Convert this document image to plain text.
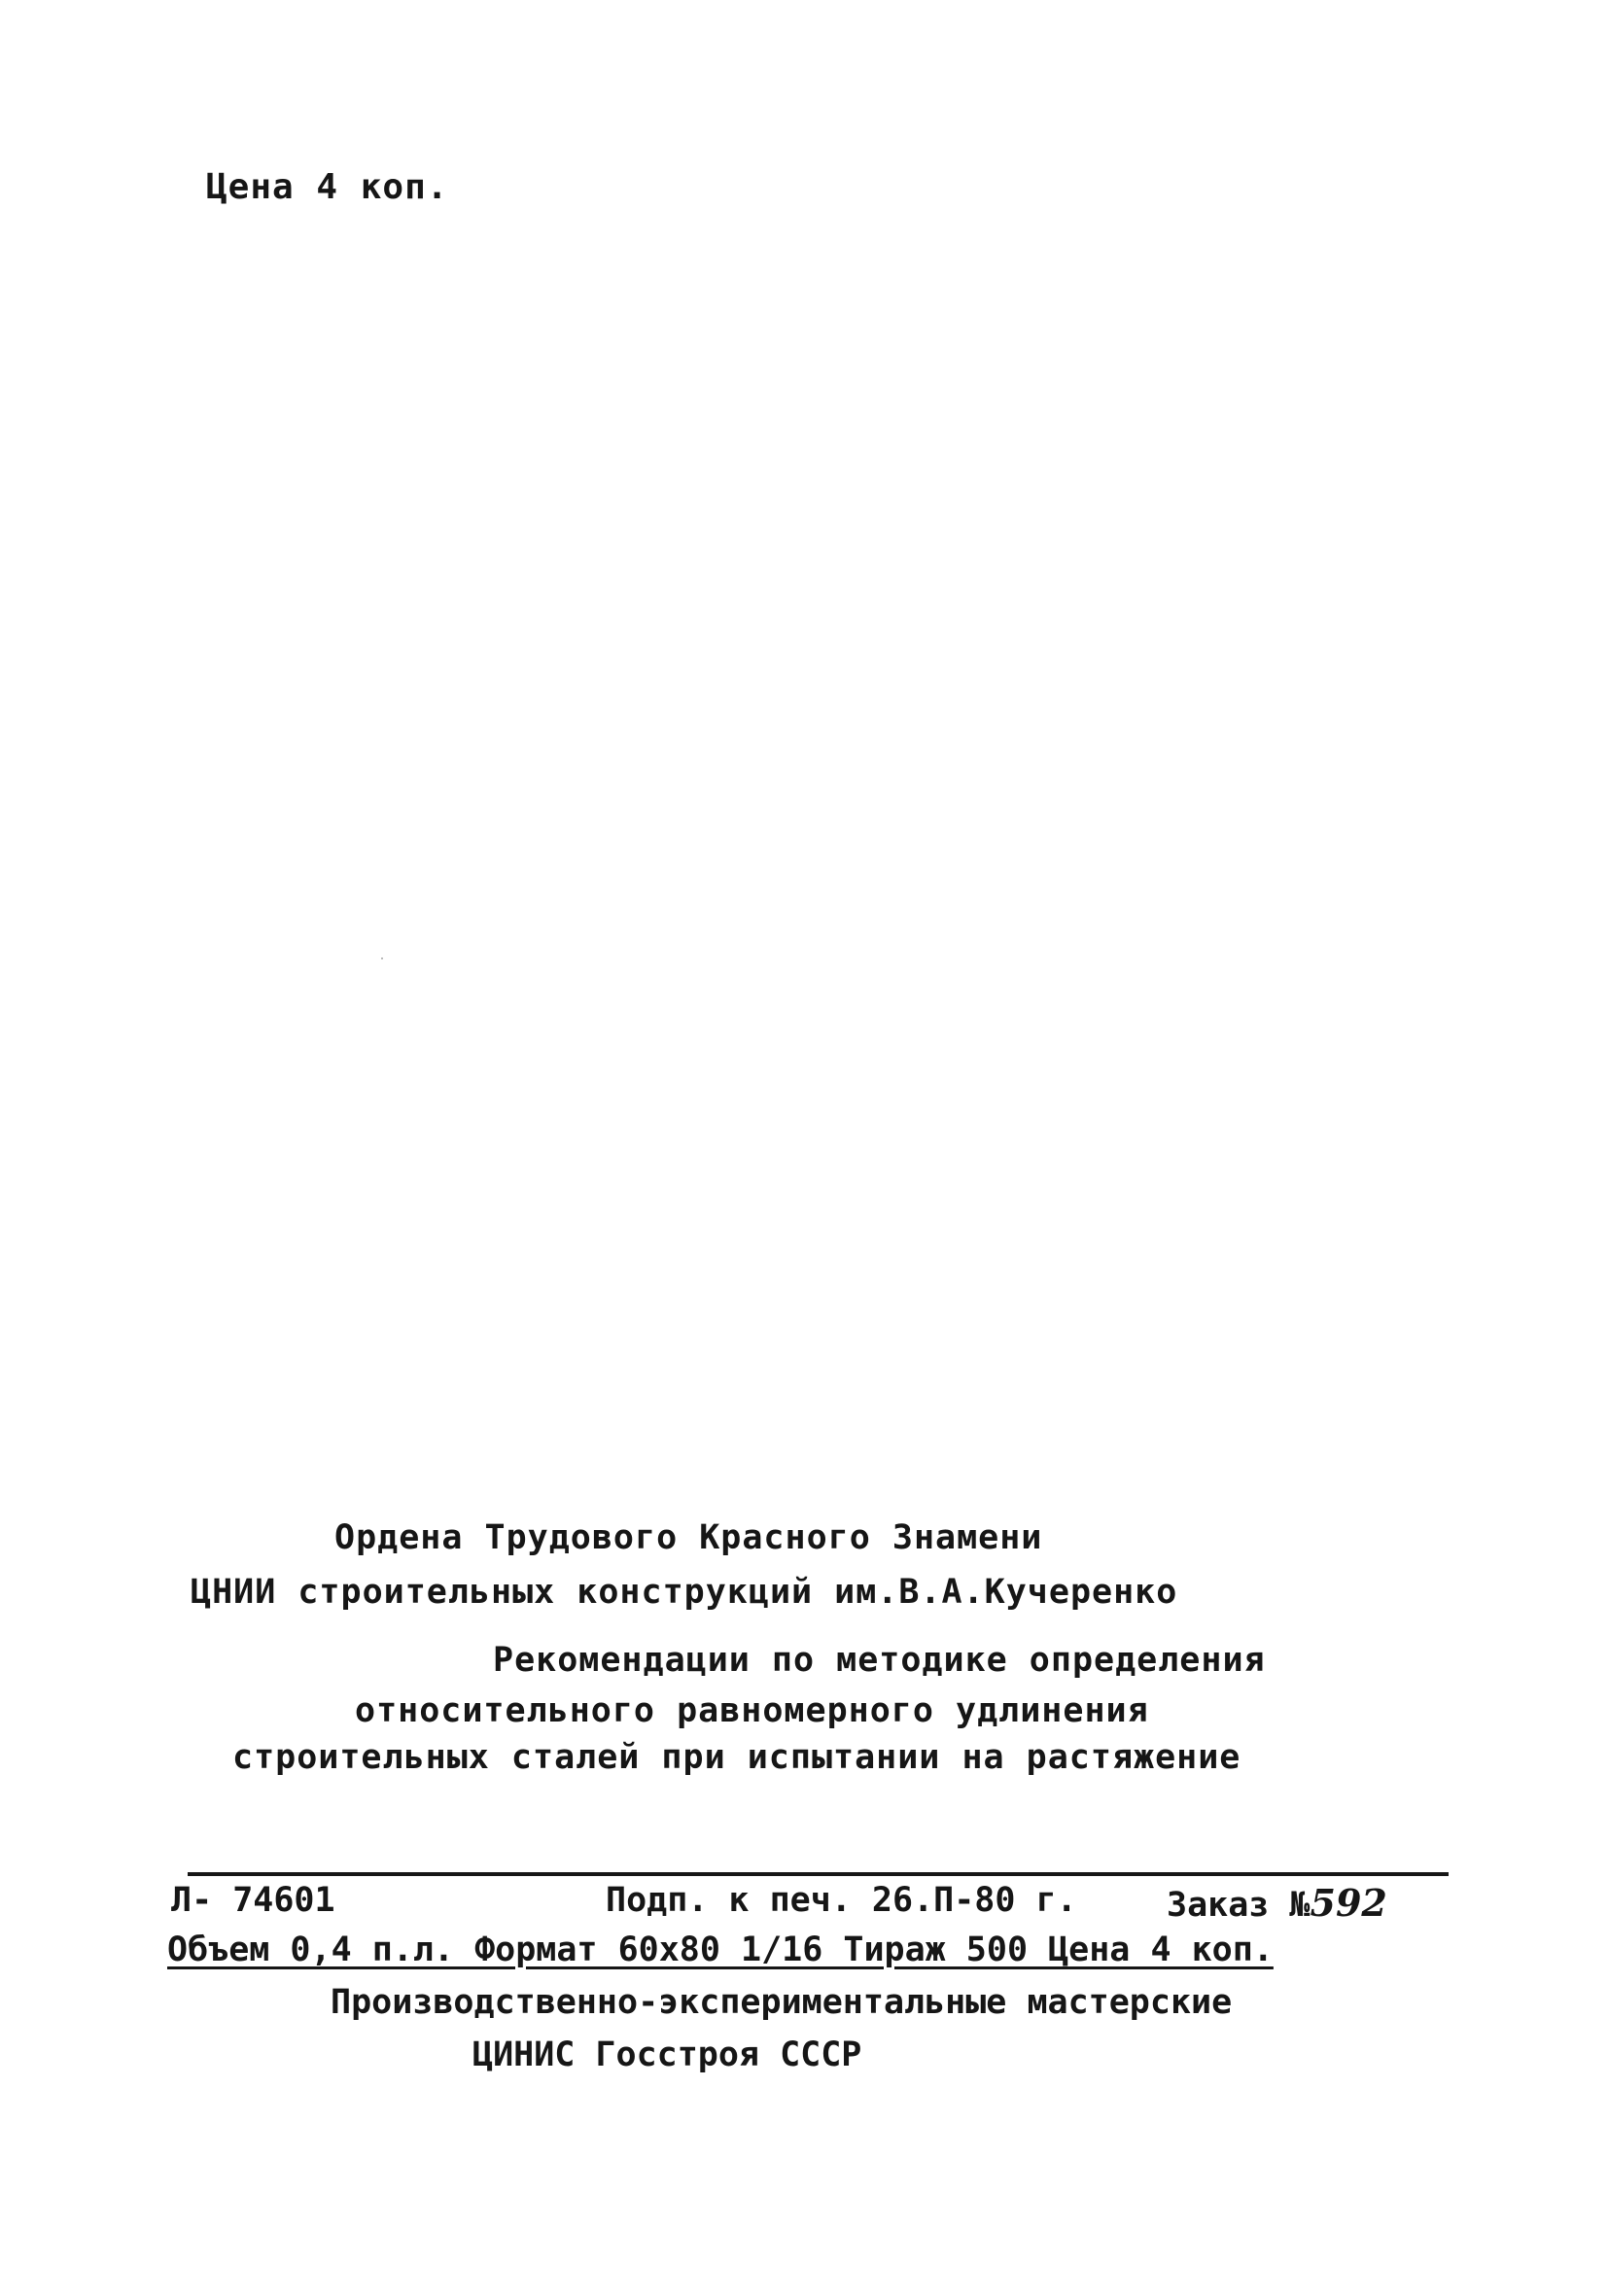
Цена 4 коп.
Ордена Трудового Красного Знамени
ЦНИИ строительных конструкций им.В.А.Кучеренко
Рекомендации по методике определения
относительного равномерного удлинения
строительных сталей при испытании на растяжение
Л- 74601	Подп. к печ. 26.П-80 г.	Заказ №592
Объем 0,4 п.л. Формат 60х80 1/16 Тираж 500 Цена 4 коп.
Производственно-экспериментальные мастерские
ЦИНИС Госстроя СССР
